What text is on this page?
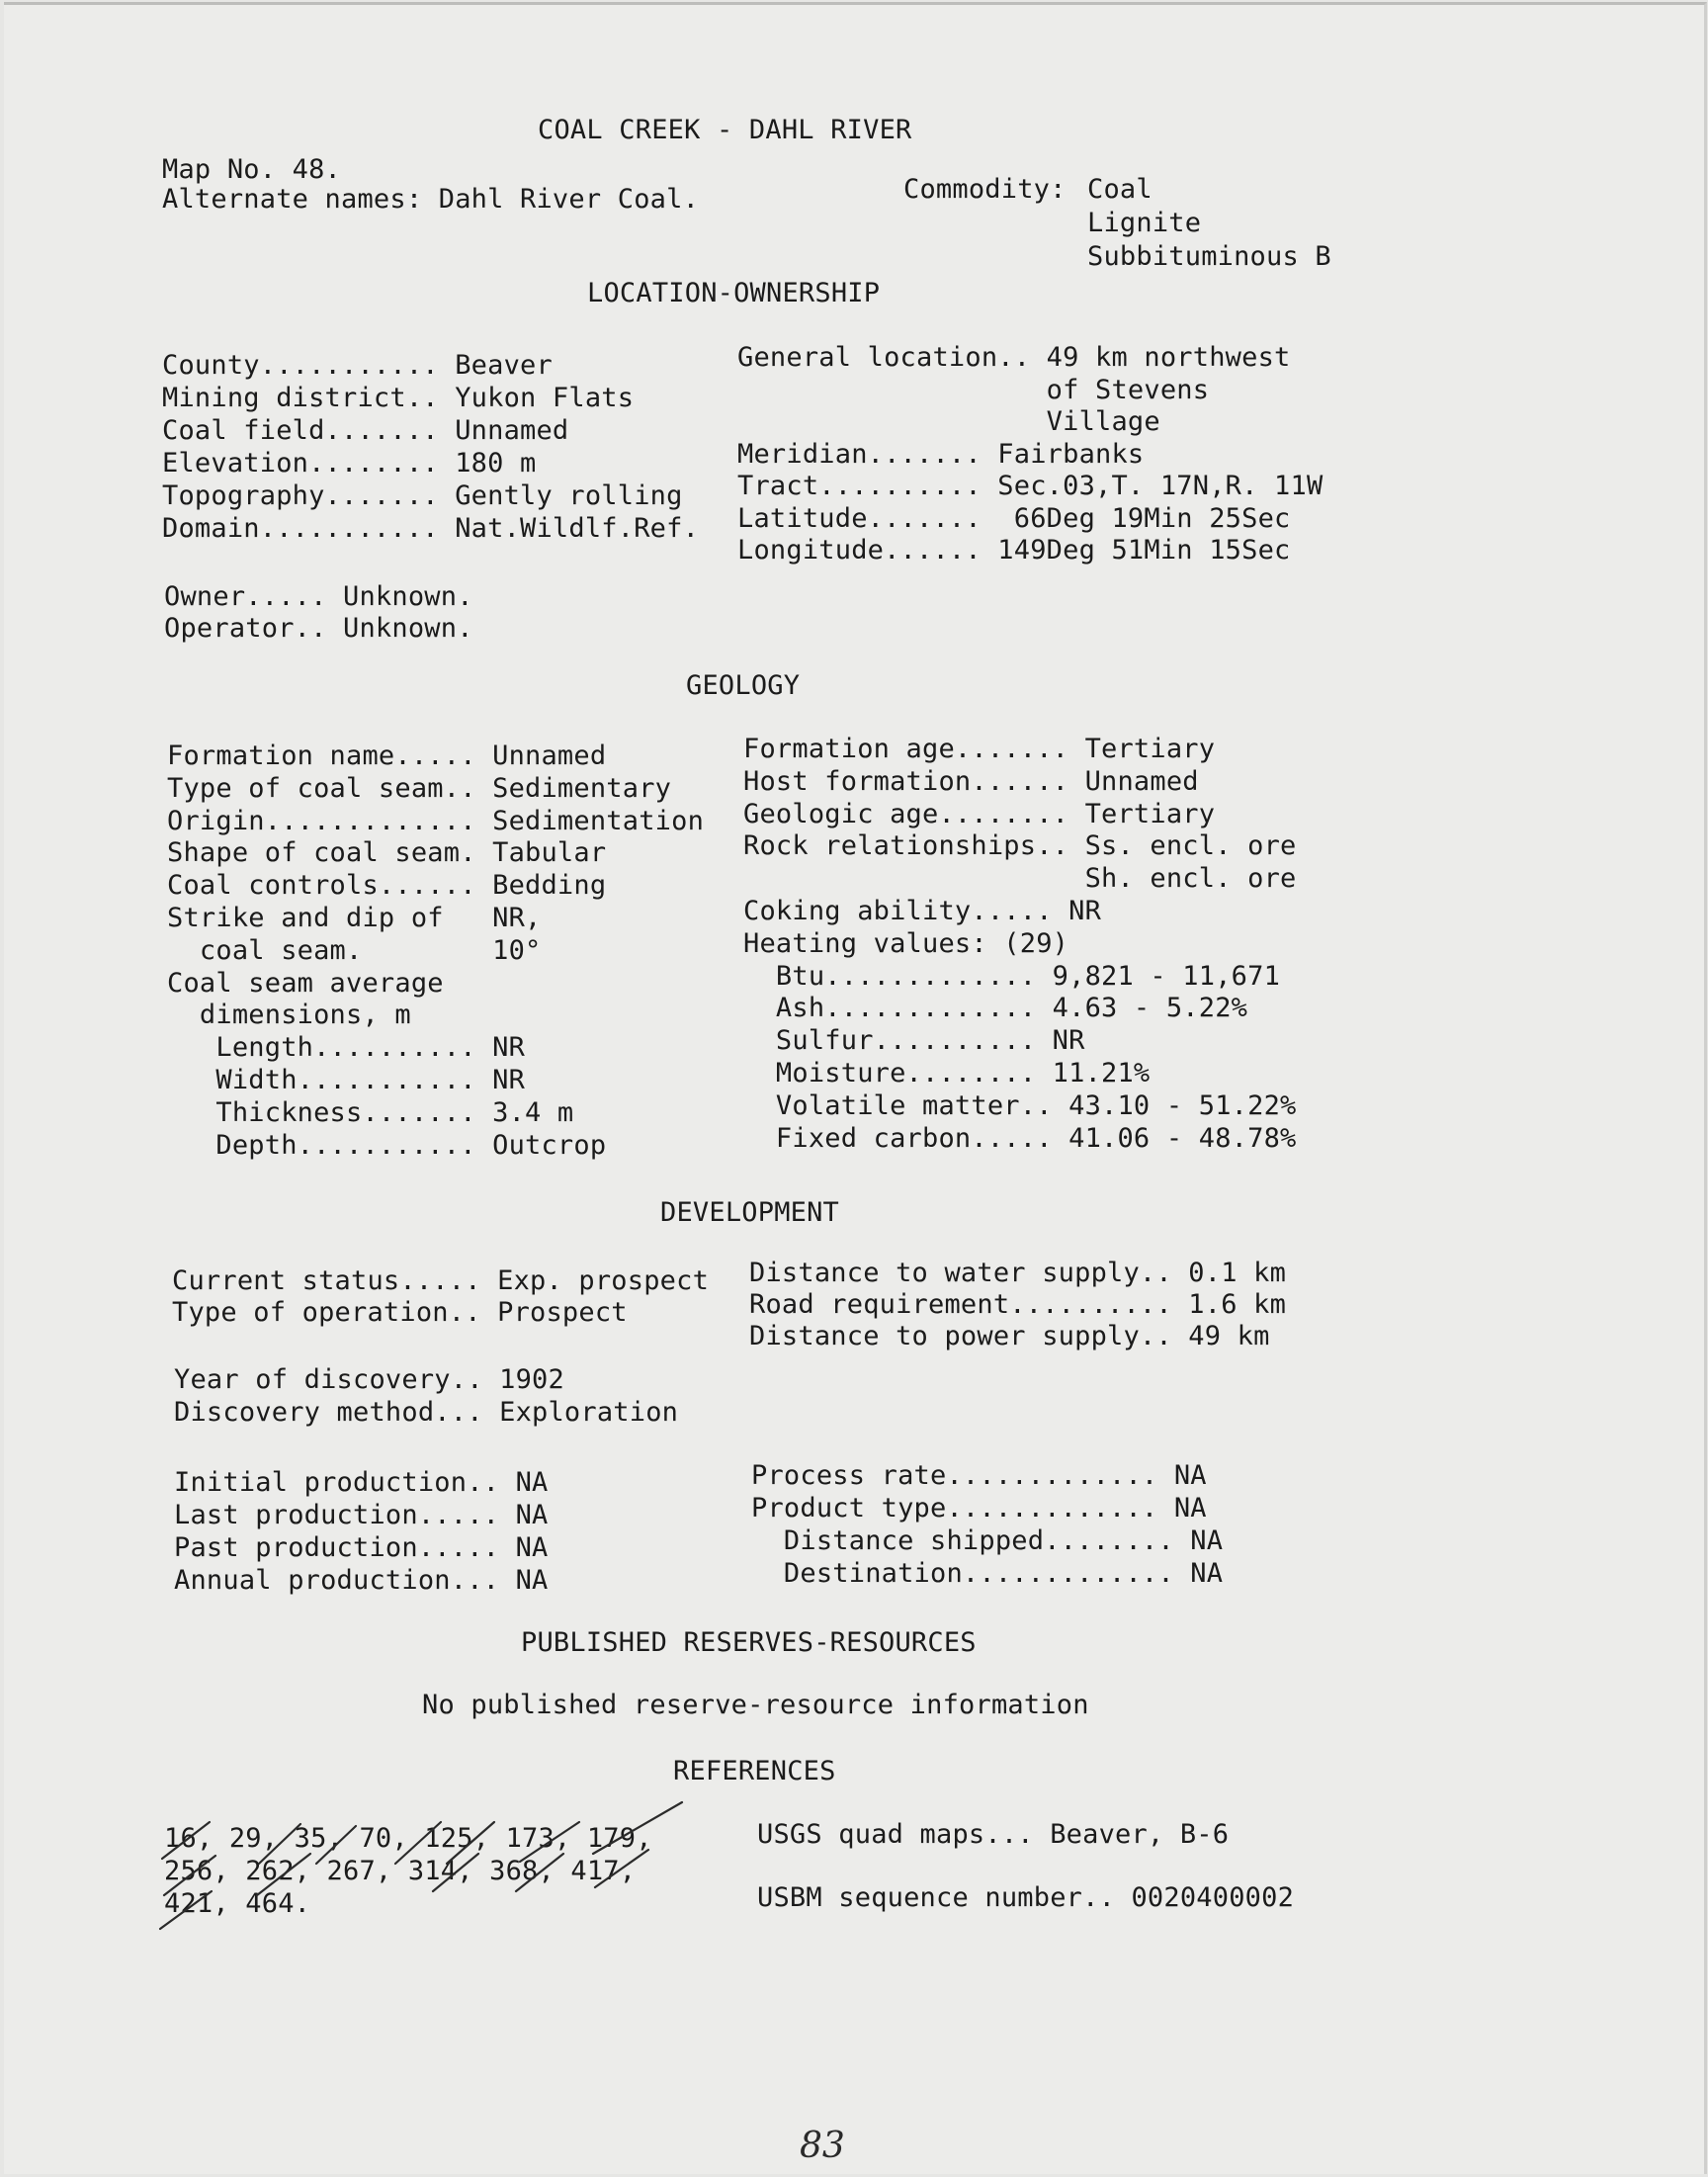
COAL CREEK - DAHL RIVER
Map No. 48.
Alternate names: Dahl River Coal.	Commodity: Coal
Lignite
Subbituminous B
LOCATION-OWNERSHIP
County........... Beaver
Mining district.. Yukon Flats
Coal field....... Unnamed
Elevation........ 180 m
Topography....... Gently rolling
Domain........... Nat.Wildlf.Ref.
General location.. 49 km northwest
of Stevens
Village
Meridian....... Fairbanks
Tract.......... Sec.03,T. 17N,R. 11W
Latitude.......  66Deg 19Min 25Sec
Longitude...... 149Deg 51Min 15Sec
Owner..... Unknown.
Operator.. Unknown.
GEOLOGY
Formation name..... Unnamed
Type of coal seam.. Sedimentary
Origin............. Sedimentation
Shape of coal seam. Tabular
Coal controls...... Bedding
Strike and dip of   NR,
coal seam.        10°
Coal seam average
dimensions, m
Length.......... NR
Width........... NR
Thickness....... 3.4 m
Depth........... Outcrop
Formation age....... Tertiary
Host formation...... Unnamed
Geologic age........ Tertiary
Rock relationships.. Ss. encl. ore
Sh. encl. ore
Coking ability..... NR
Heating values: (29)
Btu............. 9,821 - 11,671
Ash............. 4.63 - 5.22%
Sulfur.......... NR
Moisture........ 11.21%
Volatile matter.. 43.10 - 51.22%
Fixed carbon..... 41.06 - 48.78%
DEVELOPMENT
Current status..... Exp. prospect
Type of operation.. Prospect
Distance to water supply.. 0.1 km
Road requirement.......... 1.6 km
Distance to power supply.. 49 km
Year of discovery.. 1902
Discovery method... Exploration
Initial production.. NA
Last production..... NA
Past production..... NA
Annual production... NA
Process rate............. NA
Product type............. NA
Distance shipped........ NA
Destination............. NA
PUBLISHED RESERVES-RESOURCES
No published reserve-resource information
REFERENCES
16, 29, 35, 70, 125, 173, 179,
256, 262, 267, 314, 368, 417,
421, 464.
USGS quad maps... Beaver, B-6
USBM sequence number.. 0020400002
83
